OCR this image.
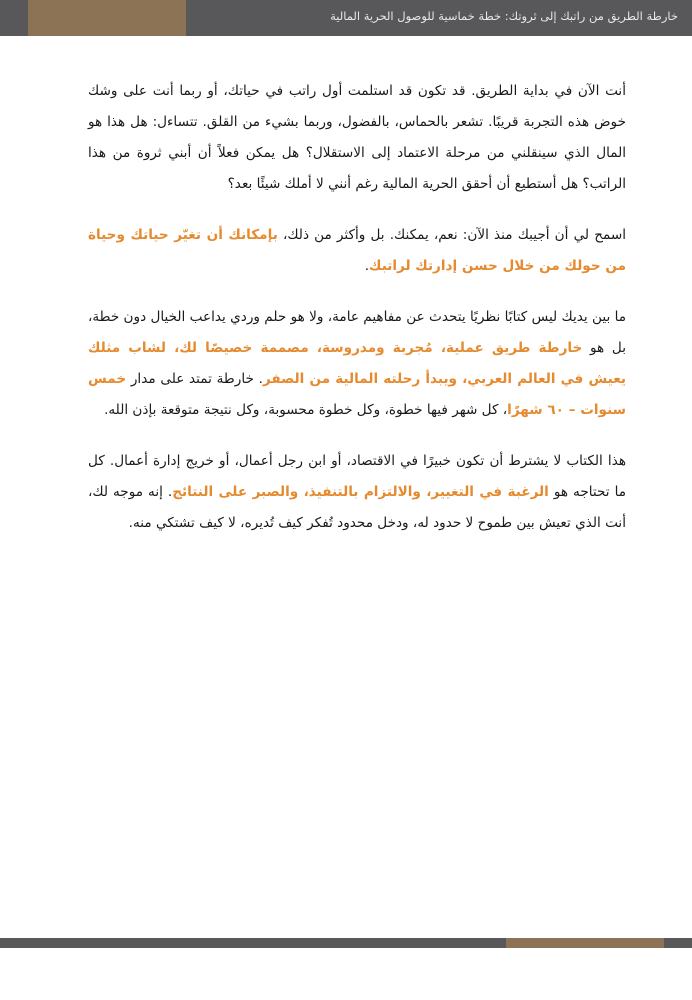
خارطة الطريق من راتبك إلى ثروتك: خطة خماسية للوصول الحرية المالية

أنت الآن في بداية الطريق. قد تكون قد استلمت أول راتب في حياتك، أو ربما أنت على وشك خوض هذه التجربة قريبًا. تشعر بالحماس، بالفضول، وربما بشيء من القلق. تتساءل: هل هذا هو المال الذي سينقلني من مرحلة الاعتماد إلى الاستقلال؟ هل يمكن فعلاً أن أبني ثروة من هذا الراتب؟ هل أستطيع أن أحقق الحرية المالية رغم أنني لا أملك شيئًا بعد؟

اسمح لي أن أجيبك منذ الآن: نعم، يمكنك. بل وأكثر من ذلك، بإمكانك أن تغيّر حياتك وحياة من حولك من خلال حسن إدارتك لراتبك.

ما بين يديك ليس كتابًا نظريًا يتحدث عن مفاهيم عامة، ولا هو حلم وردي يداعب الخيال دون خطة، بل هو خارطة طريق عملية، مُجربة ومدروسة، مصممة خصيصًا لك، لشاب مثلك يعيش في العالم العربي، ويبدأ رحلته المالية من الصفر. خارطة تمتد على مدار خمس سنوات – ٦٠ شهرًا، كل شهر فيها خطوة، وكل خطوة محسوبة، وكل نتيجة متوقعة بإذن الله.

هذا الكتاب لا يشترط أن تكون خبيرًا في الاقتصاد، أو ابن رجل أعمال، أو خريج إدارة أعمال. كل ما تحتاجه هو الرغبة في التغيير، والالتزام بالتنفيذ، والصبر على النتائج. إنه موجه لك، أنت الذي تعيش بين طموح لا حدود له، ودخل محدود تُفكر كيف تُديره، لا كيف تشتكي منه.
